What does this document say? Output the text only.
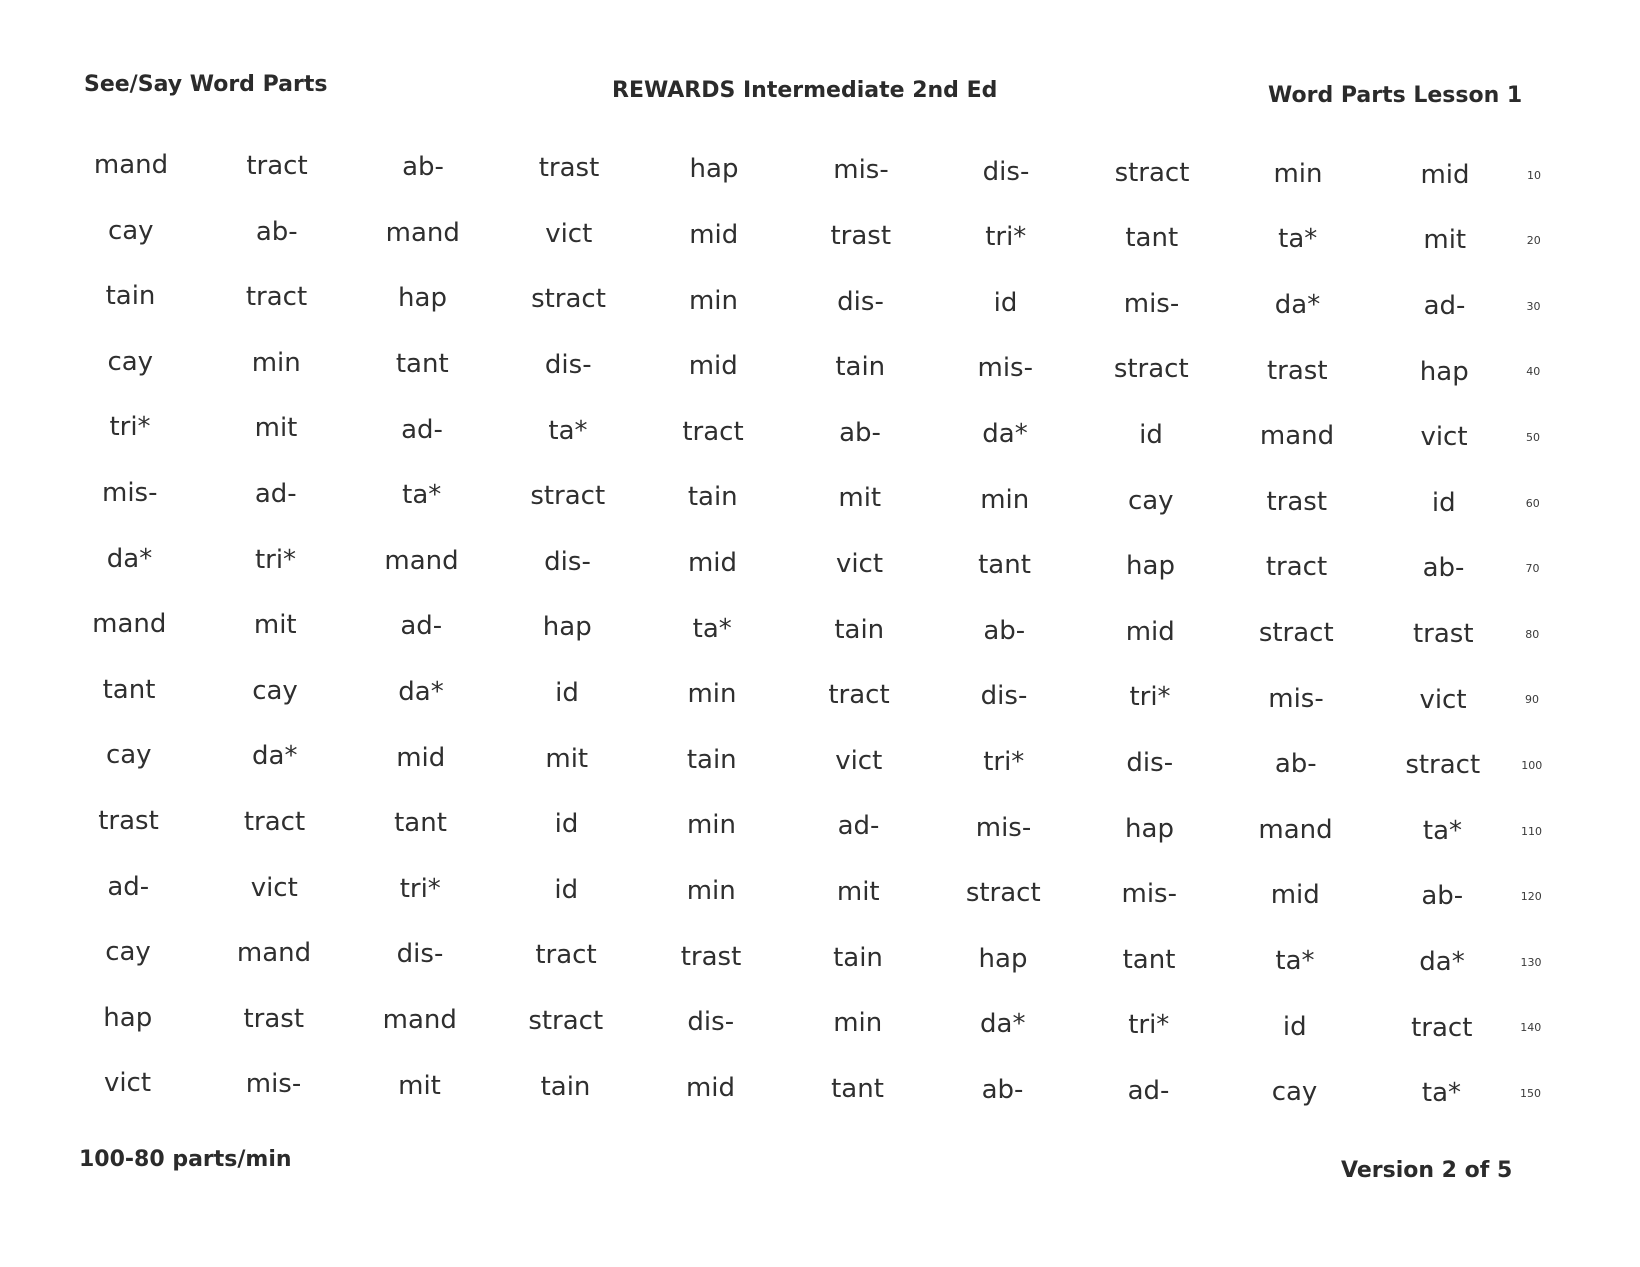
See/Say Word Parts	REWARDS Intermediate 2nd Ed	Word Parts Lesson 1
mand	tract	ab-	trast	hap	mis-	dis-	stract	min	mid	10
cay	ab-	mand	vict	mid	trast	tri*	tant	ta*	mit	20
tain	tract	hap	stract	min	dis-	id	mis-	da*	ad-	30
cay	min	tant	dis-	mid	tain	mis-	stract	trast	hap	40
tri*	mit	ad-	ta*	tract	ab-	da*	id	mand	vict	50
mis-	ad-	ta*	stract	tain	mit	min	cay	trast	id	60
da*	tri*	mand	dis-	mid	vict	tant	hap	tract	ab-	70
mand	mit	ad-	hap	ta*	tain	ab-	mid	stract	trast	80
tant	cay	da*	id	min	tract	dis-	tri*	mis-	vict	90
cay	da*	mid	mit	tain	vict	tri*	dis-	ab-	stract	100
trast	tract	tant	id	min	ad-	mis-	hap	mand	ta*	110
ad-	vict	tri*	id	min	mit	stract	mis-	mid	ab-	120
cay	mand	dis-	tract	trast	tain	hap	tant	ta*	da*	130
hap	trast	mand	stract	dis-	min	da*	tri*	id	tract	140
vict	mis-	mit	tain	mid	tant	ab-	ad-	cay	ta*	150
100-80 parts/min	Version 2 of 5
